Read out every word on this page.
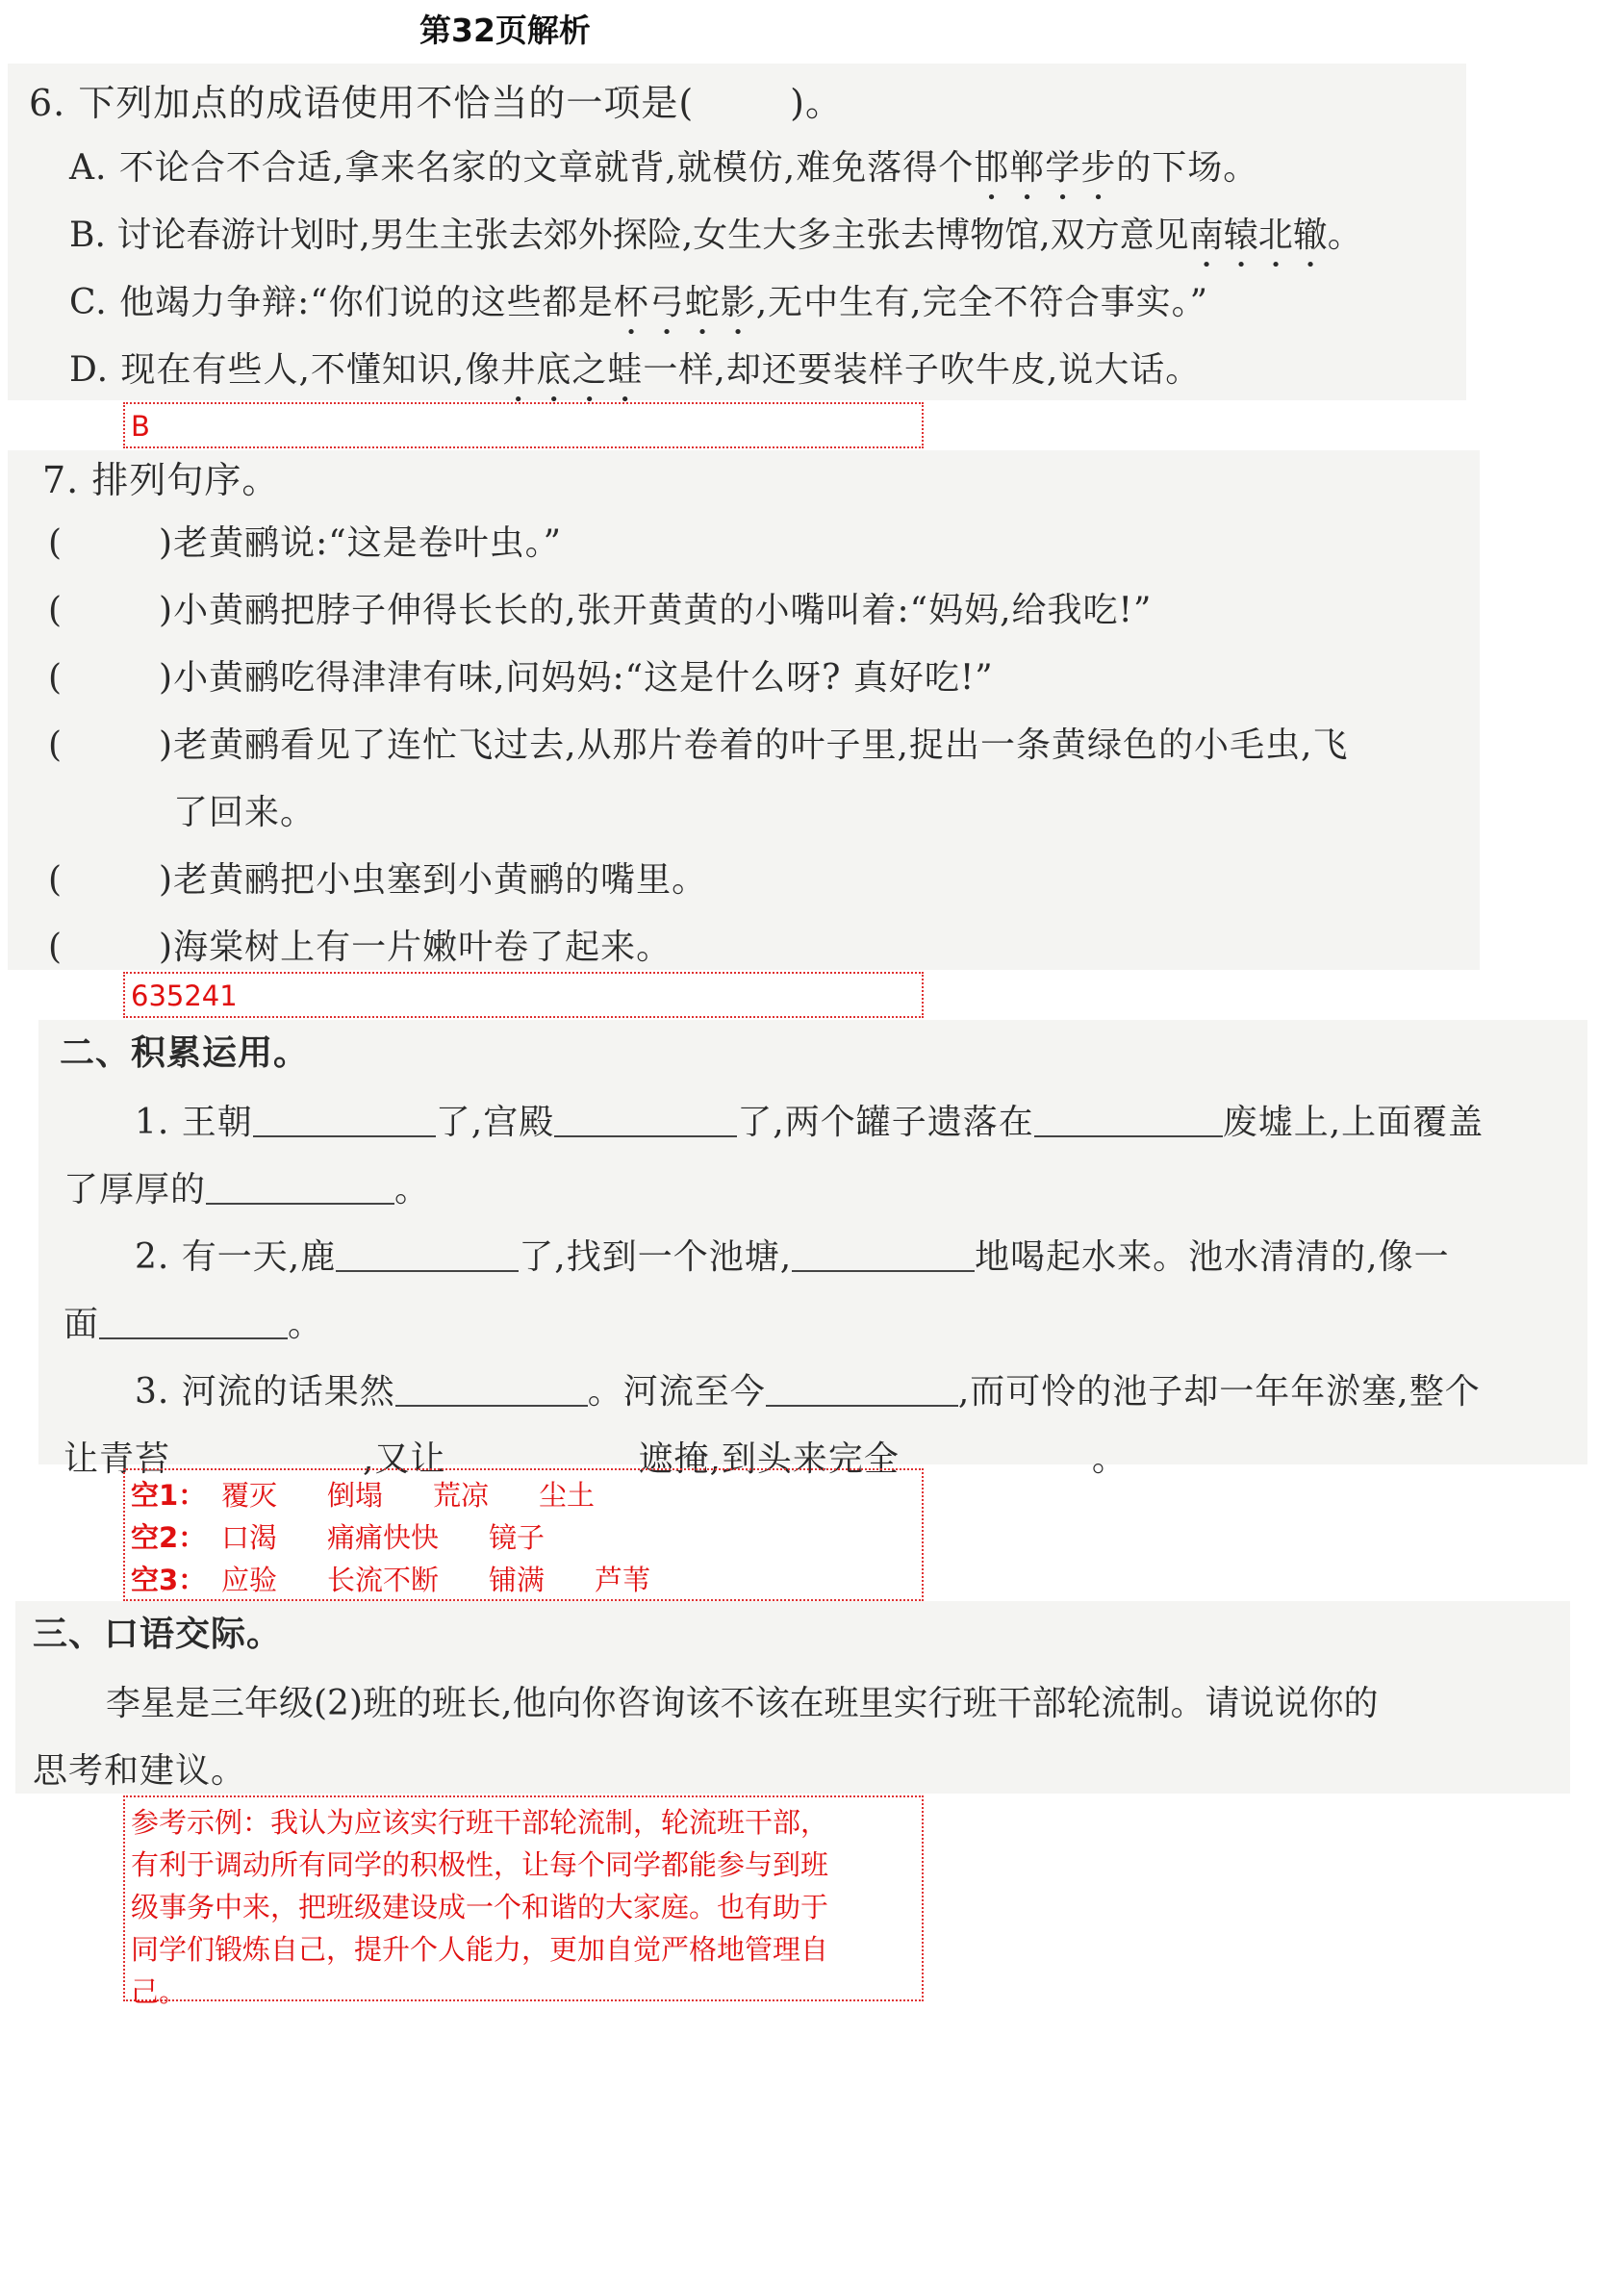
第32页解析
6. 下列加点的成语使用不恰当的一项是(	)。
A. 不论合不合适,拿来名家的文章就背,就模仿,难免落得个邯郸学步的下场。
B. 讨论春游计划时,男生主张去郊外探险,女生大多主张去博物馆,双方意见南辕北辙。
C. 他竭力争辩:“你们说的这些都是杯弓蛇影,无中生有,完全不符合事实。”
D. 现在有些人,不懂知识,像井底之蛙一样,却还要装样子吹牛皮,说大话。
B
7. 排列句序。
(	)老黄鹂说:“这是卷叶虫。”
(	)小黄鹂把脖子伸得长长的,张开黄黄的小嘴叫着:“妈妈,给我吃!”
(	)小黄鹂吃得津津有味,问妈妈:“这是什么呀? 真好吃!”
(	)老黄鹂看见了连忙飞过去,从那片卷着的叶子里,捉出一条黄绿色的小毛虫,飞
了回来。
(	)老黄鹂把小虫塞到小黄鹂的嘴里。
(	)海棠树上有一片嫩叶卷了起来。
635241
二、积累运用。
1. 王朝	了,宫殿	了,两个罐子遗落在	废墟上,上面覆盖
了厚厚的	。
2. 有一天,鹿	了,找到一个池塘,	地喝起水来。池水清清的,像一
面	。
3. 河流的话果然	。河流至今	,而可怜的池子却一年年淤塞,整个
让青苔	,又让	遮掩,到头来完全	。
空1： 覆灭 倒塌 荒凉 尘土
空2： 口渴 痛痛快快 镜子
空3： 应验 长流不断 铺满 芦苇
三、口语交际。
李星是三年级(2)班的班长,他向你咨询该不该在班里实行班干部轮流制。请说说你的
思考和建议。

参考示例：我认为应该实行班干部轮流制，轮流班干部，

有利于调动所有同学的积极性，让每个同学都能参与到班

级事务中来，把班级建设成一个和谐的大家庭。也有助于

同学们锻炼自己，提升个人能力，更加自觉严格地管理自

己。
